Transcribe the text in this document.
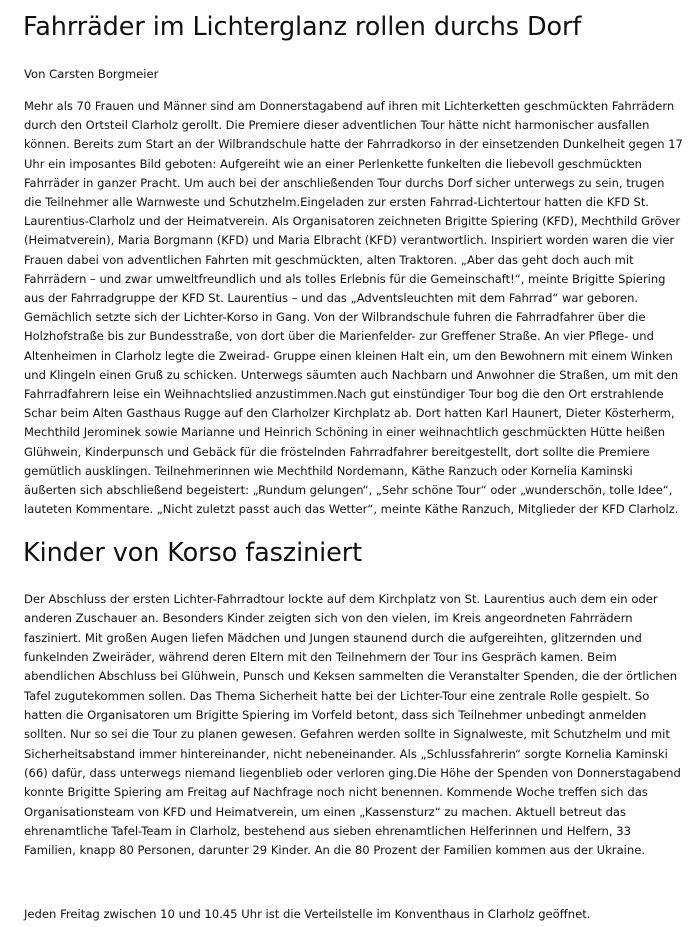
Fahrräder im Lichterglanz rollen durchs Dorf

Von Carsten Borgmeier

Mehr als 70 Frauen und Männer sind am Donnerstagabend auf ihren mit Lichterketten geschmückten Fahrrädern durch den Ortsteil Clarholz gerollt. Die Premiere dieser adventlichen Tour hätte nicht harmonischer ausfallen können. Bereits zum Start an der Wilbrandschule hatte der Fahrradkorso in der einsetzenden Dunkelheit gegen 17 Uhr ein imposantes Bild geboten: Aufgereiht wie an einer Perlenkette funkelten die liebevoll geschmückten Fahrräder in ganzer Pracht. Um auch bei der anschließenden Tour durchs Dorf sicher unterwegs zu sein, trugen die Teilnehmer alle Warnweste und Schutzhelm.Eingeladen zur ersten Fahrrad-Lichtertour hatten die KFD St. Laurentius-Clarholz und der Heimatverein. Als Organisatoren zeichneten Brigitte Spiering (KFD), Mechthild Gröver (Heimatverein), Maria Borgmann (KFD) und Maria Elbracht (KFD) verantwortlich. Inspiriert worden waren die vier Frauen dabei von adventlichen Fahrten mit geschmückten, alten Traktoren. „Aber das geht doch auch mit Fahrrädern – und zwar umweltfreundlich und als tolles Erlebnis für die Gemeinschaft!“, meinte Brigitte Spiering aus der Fahrradgruppe der KFD St. Laurentius – und das „Adventsleuchten mit dem Fahrrad“ war geboren. Gemächlich setzte sich der Lichter-Korso in Gang. Von der Wilbrandschule fuhren die Fahrradfahrer über die Holzhofstraße bis zur Bundesstraße, von dort über die Marienfelder- zur Greffener Straße. An vier Pflege- und Altenheimen in Clarholz legte die Zweirad- Gruppe einen kleinen Halt ein, um den Bewohnern mit einem Winken und Klingeln einen Gruß zu schicken. Unterwegs säumten auch Nachbarn und Anwohner die Straßen, um mit den Fahrradfahrern leise ein Weihnachtslied anzustimmen.Nach gut einstündiger Tour bog die den Ort erstrahlende Schar beim Alten Gasthaus Rugge auf den Clarholzer Kirchplatz ab. Dort hatten Karl Haunert, Dieter Kösterherm, Mechthild Jerominek sowie Marianne und Heinrich Schöning in einer weihnachtlich geschmückten Hütte heißen Glühwein, Kinderpunsch und Gebäck für die fröstelnden Fahrradfahrer bereitgestellt, dort sollte die Premiere gemütlich ausklingen. Teilnehmerinnen wie Mechthild Nordemann, Käthe Ranzuch oder Kornelia Kaminski äußerten sich abschließend begeistert: „Rundum gelungen“, „Sehr schöne Tour“ oder „wunderschön, tolle Idee“, lauteten Kommentare. „Nicht zuletzt passt auch das Wetter“, meinte Käthe Ranzuch, Mitglieder der KFD Clarholz.

Kinder von Korso fasziniert

Der Abschluss der ersten Lichter-Fahrradtour lockte auf dem Kirchplatz von St. Laurentius auch dem ein oder anderen Zuschauer an. Besonders Kinder zeigten sich von den vielen, im Kreis angeordneten Fahrrädern fasziniert. Mit großen Augen liefen Mädchen und Jungen staunend durch die aufgereihten, glitzernden und funkelnden Zweiräder, während deren Eltern mit den Teilnehmern der Tour ins Gespräch kamen. Beim abendlichen Abschluss bei Glühwein, Punsch und Keksen sammelten die Veranstalter Spenden, die der örtlichen Tafel zugutekommen sollen. Das Thema Sicherheit hatte bei der Lichter-Tour eine zentrale Rolle gespielt. So hatten die Organisatoren um Brigitte Spiering im Vorfeld betont, dass sich Teilnehmer unbedingt anmelden sollten. Nur so sei die Tour zu planen gewesen. Gefahren werden sollte in Signalweste, mit Schutzhelm und mit Sicherheitsabstand immer hintereinander, nicht nebeneinander. Als „Schlussfahrerin“ sorgte Kornelia Kaminski (66) dafür, dass unterwegs niemand liegenblieb oder verloren ging.Die Höhe der Spenden von Donnerstagabend konnte Brigitte Spiering am Freitag auf Nachfrage noch nicht benennen. Kommende Woche treffen sich das Organisationsteam von KFD und Heimatverein, um einen „Kassensturz“ zu machen. Aktuell betreut das ehrenamtliche Tafel-Team in Clarholz, bestehend aus sieben ehrenamtlichen Helferinnen und Helfern, 33 Familien, knapp 80 Personen, darunter 29 Kinder. An die 80 Prozent der Familien kommen aus der Ukraine.

Jeden Freitag zwischen 10 und 10.45 Uhr ist die Verteilstelle im Konventhaus in Clarholz geöffnet.
